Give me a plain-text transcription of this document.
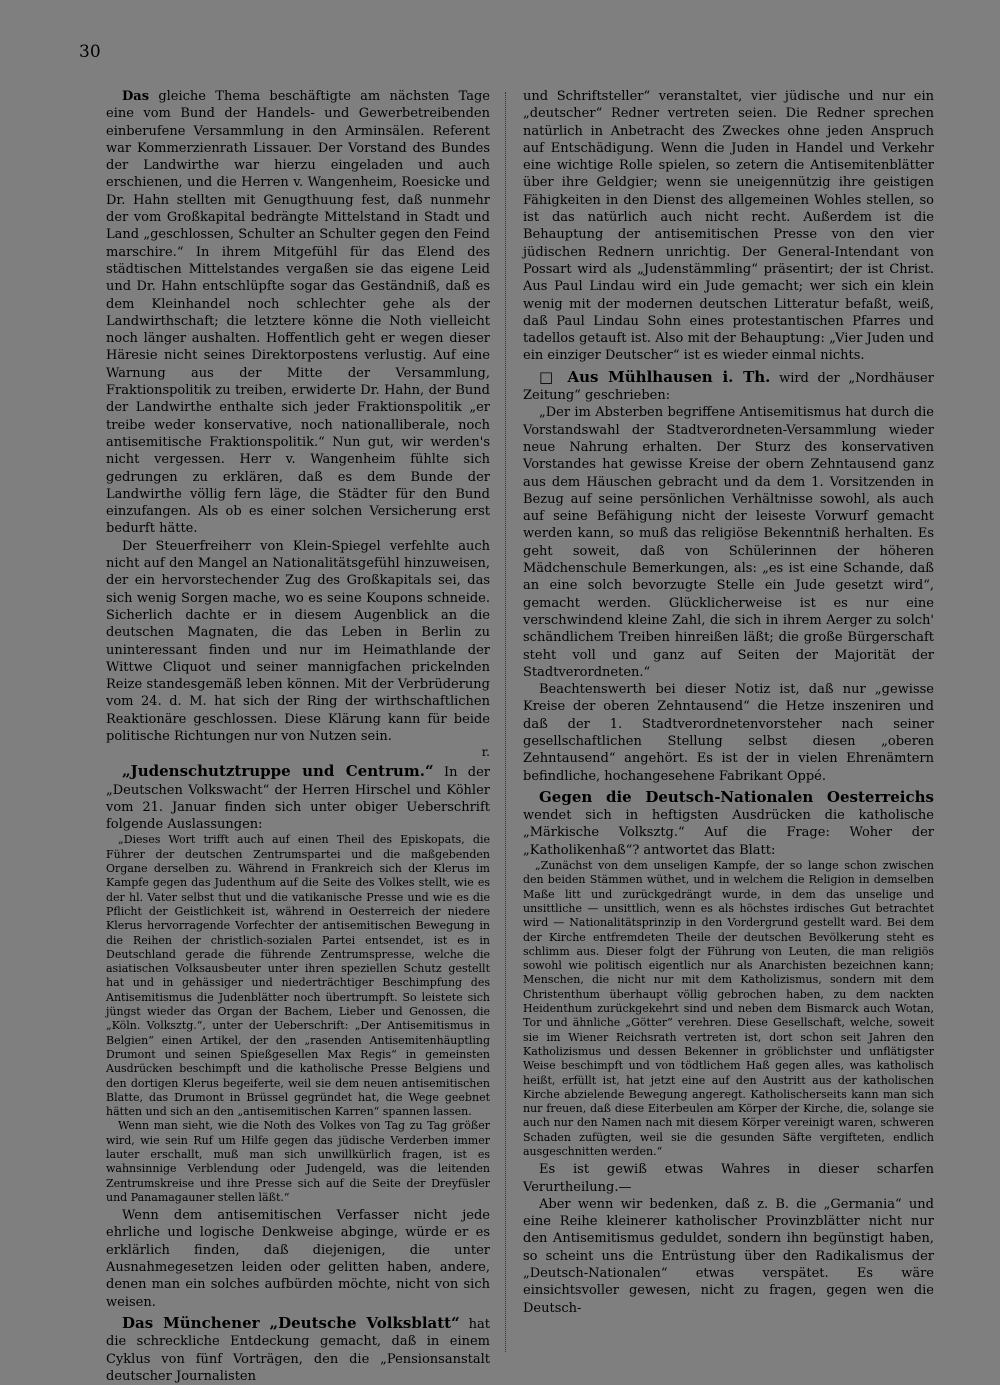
30

Das gleiche Thema beschäftigte am nächsten Tage eine vom Bund der Handels- und Gewerbetreibenden einberufene Versammlung in den Arminsälen. Referent war Kommerzienrath Lissauer. Der Vorstand des Bundes der Landwirthe war hierzu eingeladen und auch erschienen, und die Herren v. Wangenheim, Roesicke und Dr. Hahn stellten mit Genugthuung fest, daß nunmehr der vom Großkapital bedrängte Mittelstand in Stadt und Land „geschlossen, Schulter an Schulter gegen den Feind marschire.“ In ihrem Mitgefühl für das Elend des städtischen Mittelstandes vergaßen sie das eigene Leid und Dr. Hahn entschlüpfte sogar das Geständniß, daß es dem Kleinhandel noch schlechter gehe als der Landwirthschaft; die letztere könne die Noth vielleicht noch länger aushalten. Hoffentlich geht er wegen dieser Häresie nicht seines Direktorpostens verlustig. Auf eine Warnung aus der Mitte der Versammlung, Fraktionspolitik zu treiben, erwiderte Dr. Hahn, der Bund der Landwirthe enthalte sich jeder Fraktionspolitik „er treibe weder konservative, noch nationalliberale, noch antisemitische Fraktionspolitik.“ Nun gut, wir werden's nicht vergessen. Herr v. Wangenheim fühlte sich gedrungen zu erklären, daß es dem Bunde der Landwirthe völlig fern läge, die Städter für den Bund einzufangen. Als ob es einer solchen Versicherung erst bedurft hätte.

Der Steuerfreiherr von Klein-Spiegel verfehlte auch nicht auf den Mangel an Nationalitätsgefühl hinzuweisen, der ein hervorstechender Zug des Großkapitals sei, das sich wenig Sorgen mache, wo es seine Koupons schneide. Sicherlich dachte er in diesem Augenblick an die deutschen Magnaten, die das Leben in Berlin zu uninteressant finden und nur im Heimathlande der Wittwe Cliquot und seiner mannigfachen prickelnden Reize standesgemäß leben können. Mit der Verbrüderung vom 24. d. M. hat sich der Ring der wirthschaftlichen Reaktionäre geschlossen. Diese Klärung kann für beide politische Richtungen nur von Nutzen sein.

r.

„Judenschutztruppe und Centrum.“ In der „Deutschen Volkswacht“ der Herren Hirschel und Köhler vom 21. Januar finden sich unter obiger Ueberschrift folgende Auslassungen:

„Dieses Wort trifft auch auf einen Theil des Episkopats, die Führer der deutschen Zentrumspartei und die maßgebenden Organe derselben zu. Während in Frankreich sich der Klerus im Kampfe gegen das Judenthum auf die Seite des Volkes stellt, wie es der hl. Vater selbst thut und die vatikanische Presse und wie es die Pflicht der Geistlichkeit ist, während in Oesterreich der niedere Klerus hervorragende Vorfechter der antisemitischen Bewegung in die Reihen der christlich-sozialen Partei entsendet, ist es in Deutschland gerade die führende Zentrumspresse, welche die asiatischen Volksausbeuter unter ihren speziellen Schutz gestellt hat und in gehässiger und niederträchtiger Beschimpfung des Antisemitismus die Judenblätter noch übertrumpft. So leistete sich jüngst wieder das Organ der Bachem, Lieber und Genossen, die „Köln. Volksztg.“, unter der Ueberschrift: „Der Antisemitismus in Belgien“ einen Artikel, der den „rasenden Antisemitenhäuptling Drumont und seinen Spießgesellen Max Regis“ in gemeinsten Ausdrücken beschimpft und die katholische Presse Belgiens und den dortigen Klerus begeiferte, weil sie dem neuen antisemitischen Blatte, das Drumont in Brüssel gegründet hat, die Wege geebnet hätten und sich an den „antisemitischen Karren“ spannen lassen.

Wenn man sieht, wie die Noth des Volkes von Tag zu Tag größer wird, wie sein Ruf um Hilfe gegen das jüdische Verderben immer lauter erschallt, muß man sich unwillkürlich fragen, ist es wahnsinnige Verblendung oder Judengeld, was die leitenden Zentrumskreise und ihre Presse sich auf die Seite der Dreyfüsler und Panamagauner stellen läßt.“

Wenn dem antisemitischen Verfasser nicht jede ehrliche und logische Denkweise abginge, würde er es erklärlich finden, daß diejenigen, die unter Ausnahmegesetzen leiden oder gelitten haben, andere, denen man ein solches aufbürden möchte, nicht von sich weisen.

Das Münchener „Deutsche Volksblatt“ hat die schreckliche Entdeckung gemacht, daß in einem Cyklus von fünf Vorträgen, den die „Pensionsanstalt deutscher Journalisten

und Schriftsteller“ veranstaltet, vier jüdische und nur ein „deutscher“ Redner vertreten seien. Die Redner sprechen natürlich in Anbetracht des Zweckes ohne jeden Anspruch auf Entschädigung. Wenn die Juden in Handel und Verkehr eine wichtige Rolle spielen, so zetern die Antisemitenblätter über ihre Geldgier; wenn sie uneigennützig ihre geistigen Fähigkeiten in den Dienst des allgemeinen Wohles stellen, so ist das natürlich auch nicht recht. Außerdem ist die Behauptung der antisemitischen Presse von den vier jüdischen Rednern unrichtig. Der General-Intendant von Possart wird als „Judenstämmling“ präsentirt; der ist Christ. Aus Paul Lindau wird ein Jude gemacht; wer sich ein klein wenig mit der modernen deutschen Litteratur befaßt, weiß, daß Paul Lindau Sohn eines protestantischen Pfarres und tadellos getauft ist. Also mit der Behauptung: „Vier Juden und ein einziger Deutscher“ ist es wieder einmal nichts.

□ Aus Mühlhausen i. Th. wird der „Nordhäuser Zeitung“ geschrieben:

„Der im Absterben begriffene Antisemitismus hat durch die Vorstandswahl der Stadtverordneten-Versammlung wieder neue Nahrung erhalten. Der Sturz des konservativen Vorstandes hat gewisse Kreise der obern Zehntausend ganz aus dem Häuschen gebracht und da dem 1. Vorsitzenden in Bezug auf seine persönlichen Verhältnisse sowohl, als auch auf seine Befähigung nicht der leiseste Vorwurf gemacht werden kann, so muß das religiöse Bekenntniß herhalten. Es geht soweit, daß von Schülerinnen der höheren Mädchenschule Bemerkungen, als: „es ist eine Schande, daß an eine solch bevorzugte Stelle ein Jude gesetzt wird“, gemacht werden. Glücklicherweise ist es nur eine verschwindend kleine Zahl, die sich in ihrem Aerger zu solch' schändlichem Treiben hinreißen läßt; die große Bürgerschaft steht voll und ganz auf Seiten der Majorität der Stadtverordneten.“

Beachtenswerth bei dieser Notiz ist, daß nur „gewisse Kreise der oberen Zehntausend“ die Hetze inszeniren und daß der 1. Stadtverordnetenvorsteher nach seiner gesellschaftlichen Stellung selbst diesen „oberen Zehntausend“ angehört. Es ist der in vielen Ehrenämtern befindliche, hochangesehene Fabrikant Oppé.

Gegen die Deutsch-Nationalen Oesterreichs wendet sich in heftigsten Ausdrücken die katholische „Märkische Volksztg.“ Auf die Frage: Woher der „Katholikenhaß“? antwortet das Blatt:

„Zunächst von dem unseligen Kampfe, der so lange schon zwischen den beiden Stämmen wüthet, und in welchem die Religion in demselben Maße litt und zurückgedrängt wurde, in dem das unselige und unsittliche — unsittlich, wenn es als höchstes irdisches Gut betrachtet wird — Nationalitätsprinzip in den Vordergrund gestellt ward. Bei dem der Kirche entfremdeten Theile der deutschen Bevölkerung steht es schlimm aus. Dieser folgt der Führung von Leuten, die man religiös sowohl wie politisch eigentlich nur als Anarchisten bezeichnen kann; Menschen, die nicht nur mit dem Katholizismus, sondern mit dem Christenthum überhaupt völlig gebrochen haben, zu dem nackten Heidenthum zurückgekehrt sind und neben dem Bismarck auch Wotan, Tor und ähnliche „Götter“ verehren. Diese Gesellschaft, welche, soweit sie im Wiener Reichsrath vertreten ist, dort schon seit Jahren den Katholizismus und dessen Bekenner in gröblichster und unflätigster Weise beschimpft und von tödtlichem Haß gegen alles, was katholisch heißt, erfüllt ist, hat jetzt eine auf den Austritt aus der katholischen Kirche abzielende Bewegung angeregt. Katholischerseits kann man sich nur freuen, daß diese Eiterbeulen am Körper der Kirche, die, solange sie auch nur den Namen nach mit diesem Körper vereinigt waren, schweren Schaden zufügten, weil sie die gesunden Säfte vergifteten, endlich ausgeschnitten werden.“

Es ist gewiß etwas Wahres in dieser scharfen Verurtheilung.—

Aber wenn wir bedenken, daß z. B. die „Germania“ und eine Reihe kleinerer katholischer Provinzblätter nicht nur den Antisemitismus geduldet, sondern ihn begünstigt haben, so scheint uns die Entrüstung über den Radikalismus der „Deutsch-Nationalen“ etwas verspätet. Es wäre einsichtsvoller gewesen, nicht zu fragen, gegen wen die Deutsch-
